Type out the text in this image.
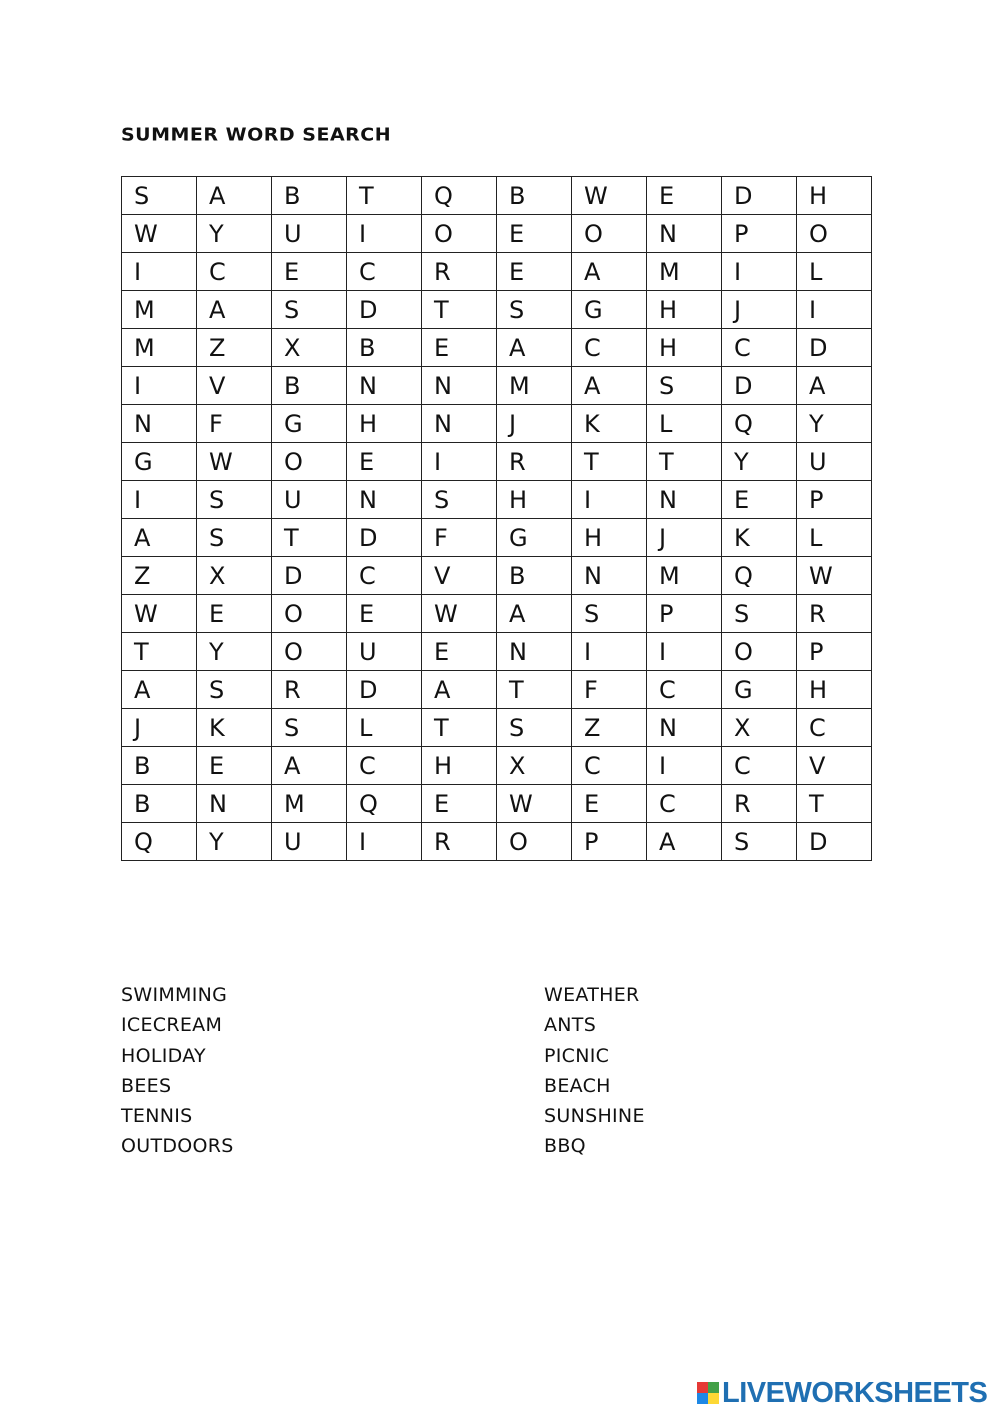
SUMMER WORD SEARCH
S	A	B	T	Q	B	W	E	D	H
W	Y	U	I	O	E	O	N	P	O
I	C	E	C	R	E	A	M	I	L
M	A	S	D	T	S	G	H	J	I
M	Z	X	B	E	A	C	H	C	D
I	V	B	N	N	M	A	S	D	A
N	F	G	H	N	J	K	L	Q	Y
G	W	O	E	I	R	T	T	Y	U
I	S	U	N	S	H	I	N	E	P
A	S	T	D	F	G	H	J	K	L
Z	X	D	C	V	B	N	M	Q	W
W	E	O	E	W	A	S	P	S	R
T	Y	O	U	E	N	I	I	O	P
A	S	R	D	A	T	F	C	G	H
J	K	S	L	T	S	Z	N	X	C
B	E	A	C	H	X	C	I	C	V
B	N	M	Q	E	W	E	C	R	T
Q	Y	U	I	R	O	P	A	S	D
SWIMMING
ICECREAM
HOLIDAY
BEES
TENNIS
OUTDOORS
WEATHER
ANTS
PICNIC
BEACH
SUNSHINE
BBQ
LIVEWORKSHEETS
